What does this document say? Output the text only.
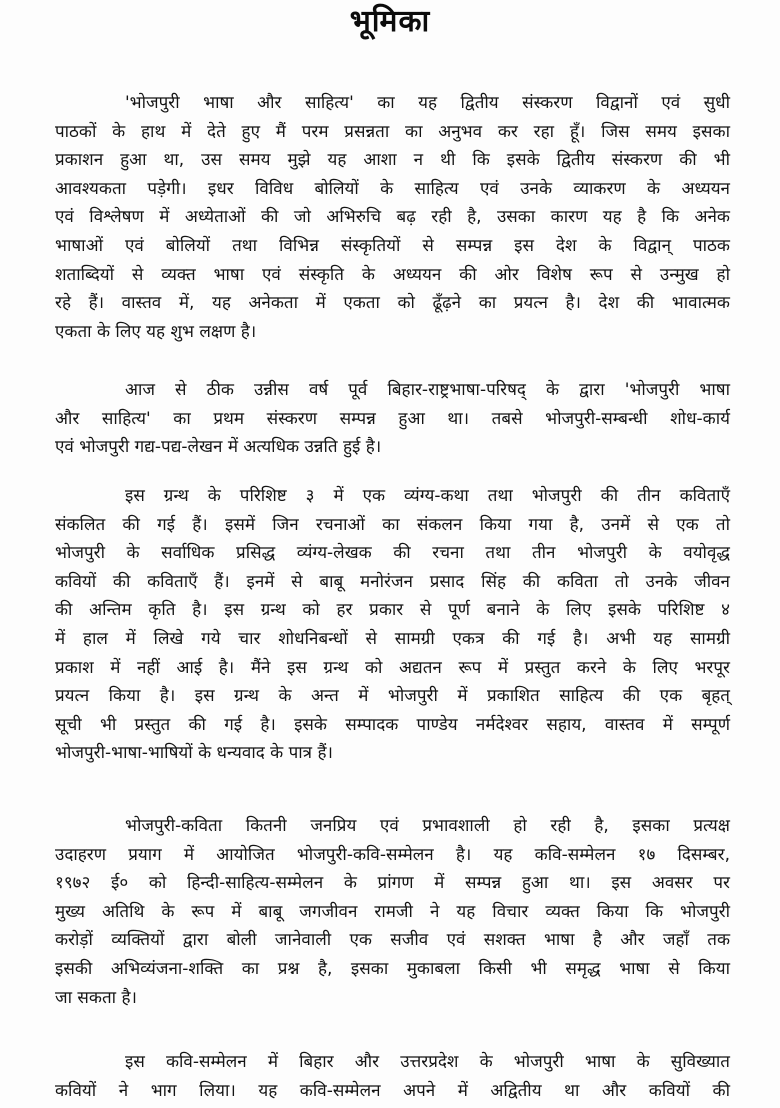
भूमिका
'भोजपुरी भाषा और साहित्य' का यह द्वितीय संस्करण विद्वानों एवं सुधी
पाठकों के हाथ में देते हुए मैं परम प्रसन्नता का अनुभव कर रहा हूँ। जिस समय इसका
प्रकाशन हुआ था, उस समय मुझे यह आशा न थी कि इसके द्वितीय संस्करण की भी
आवश्यकता पड़ेगी। इधर विविध बोलियों के साहित्य एवं उनके व्याकरण के अध्ययन
एवं विश्लेषण में अध्येताओं की जो अभिरुचि बढ़ रही है, उसका कारण यह है कि अनेक
भाषाओं एवं बोलियों तथा विभिन्न संस्कृतियों से सम्पन्न इस देश के विद्वान् पाठक
शताब्दियों से व्यक्त भाषा एवं संस्कृति के अध्ययन की ओर विशेष रूप से उन्मुख हो
रहे हैं। वास्तव में, यह अनेकता में एकता को ढूँढ़ने का प्रयत्न है। देश की भावात्मक
एकता के लिए यह शुभ लक्षण है।
आज से ठीक उन्नीस वर्ष पूर्व बिहार-राष्ट्रभाषा-परिषद् के द्वारा 'भोजपुरी भाषा
और साहित्य' का प्रथम संस्करण सम्पन्न हुआ था। तबसे भोजपुरी-सम्बन्धी शोध-कार्य
एवं भोजपुरी गद्य-पद्य-लेखन में अत्यधिक उन्नति हुई है।
इस ग्रन्थ के परिशिष्ट ३ में एक व्यंग्य-कथा तथा भोजपुरी की तीन कविताएँ
संकलित की गई हैं। इसमें जिन रचनाओं का संकलन किया गया है, उनमें से एक तो
भोजपुरी के सर्वाधिक प्रसिद्ध व्यंग्य-लेखक की रचना तथा तीन भोजपुरी के वयोवृद्ध
कवियों की कविताएँ हैं। इनमें से बाबू मनोरंजन प्रसाद सिंह की कविता तो उनके जीवन
की अन्तिम कृति है। इस ग्रन्थ को हर प्रकार से पूर्ण बनाने के लिए इसके परिशिष्ट ४
में हाल में लिखे गये चार शोधनिबन्धों से सामग्री एकत्र की गई है। अभी यह सामग्री
प्रकाश में नहीं आई है। मैंने इस ग्रन्थ को अद्यतन रूप में प्रस्तुत करने के लिए भरपूर
प्रयत्न किया है। इस ग्रन्थ के अन्त में भोजपुरी में प्रकाशित साहित्य की एक बृहत्
सूची भी प्रस्तुत की गई है। इसके सम्पादक पाण्डेय नर्मदेश्वर सहाय, वास्तव में सम्पूर्ण
भोजपुरी-भाषा-भाषियों के धन्यवाद के पात्र हैं।
भोजपुरी-कविता कितनी जनप्रिय एवं प्रभावशाली हो रही है, इसका प्रत्यक्ष
उदाहरण प्रयाग में आयोजित भोजपुरी-कवि-सम्मेलन है। यह कवि-सम्मेलन १७ दिसम्बर,
१९७२ ई० को हिन्दी-साहित्य-सम्मेलन के प्रांगण में सम्पन्न हुआ था। इस अवसर पर
मुख्य अतिथि के रूप में बाबू जगजीवन रामजी ने यह विचार व्यक्त किया कि भोजपुरी
करोड़ों व्यक्तियों द्वारा बोली जानेवाली एक सजीव एवं सशक्त भाषा है और जहाँ तक
इसकी अभिव्यंजना-शक्ति का प्रश्न है, इसका मुकाबला किसी भी समृद्ध भाषा से किया
जा सकता है।
इस कवि-सम्मेलन में बिहार और उत्तरप्रदेश के भोजपुरी भाषा के सुविख्यात
कवियों ने भाग लिया। यह कवि-सम्मेलन अपने में अद्वितीय था और कवियों की
